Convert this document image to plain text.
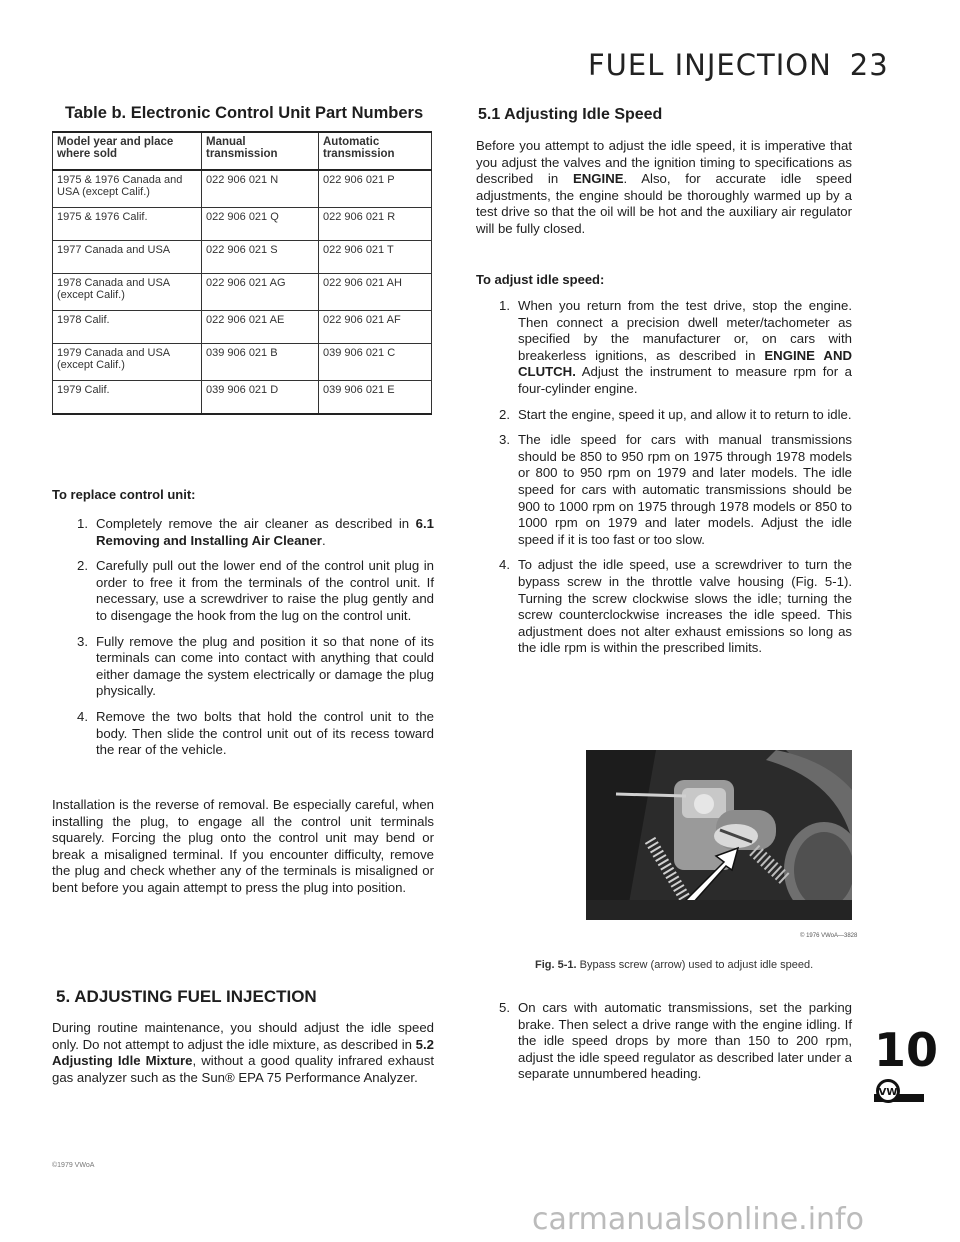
FUEL INJECTION 23
Table b. Electronic Control Unit Part Numbers
Model year and place where sold	Manual transmission	Automatic transmission
1975 & 1976 Canada and USA (except Calif.)	022 906 021 N	022 906 021 P
1975 & 1976 Calif.	022 906 021 Q	022 906 021 R
1977 Canada and USA	022 906 021 S	022 906 021 T
1978 Canada and USA (except Calif.)	022 906 021 AG	022 906 021 AH
1978 Calif.	022 906 021 AE	022 906 021 AF
1979 Canada and USA (except Calif.)	039 906 021 B	039 906 021 C
1979 Calif.	039 906 021 D	039 906 021 E
To replace control unit:
1. Completely remove the air cleaner as described in 6.1 Removing and Installing Air Cleaner.
2. Carefully pull out the lower end of the control unit plug in order to free it from the terminals of the control unit. If necessary, use a screwdriver to raise the plug gently and to disengage the hook from the lug on the control unit.
3. Fully remove the plug and position it so that none of its terminals can come into contact with anything that could either damage the system electrically or damage the plug physically.
4. Remove the two bolts that hold the control unit to the body. Then slide the control unit out of its recess toward the rear of the vehicle.
Installation is the reverse of removal. Be especially careful, when installing the plug, to engage all the control unit terminals squarely. Forcing the plug onto the control unit may bend or break a misaligned terminal. If you encounter difficulty, remove the plug and check whether any of the terminals is misaligned or bent before you again attempt to press the plug into position.
5. ADJUSTING FUEL INJECTION
During routine maintenance, you should adjust the idle speed only. Do not attempt to adjust the idle mixture, as described in 5.2 Adjusting Idle Mixture, without a good quality infrared exhaust gas analyzer such as the Sun® EPA 75 Performance Analyzer.
©1979 VWoA
5.1 Adjusting Idle Speed
Before you attempt to adjust the idle speed, it is imperative that you adjust the valves and the ignition timing to specifications as described in ENGINE. Also, for accurate idle speed adjustments, the engine should be thoroughly warmed up by a test drive so that the oil will be hot and the auxiliary air regulator will be fully closed.
To adjust idle speed:
1. When you return from the test drive, stop the engine. Then connect a precision dwell meter/tachometer as specified by the manufacturer or, on cars with breakerless ignitions, as described in ENGINE AND CLUTCH. Adjust the instrument to measure rpm for a four-cylinder engine.
2. Start the engine, speed it up, and allow it to return to idle.
3. The idle speed for cars with manual transmissions should be 850 to 950 rpm on 1975 through 1978 models or 800 to 950 rpm on 1979 and later models. The idle speed for cars with automatic transmissions should be 900 to 1000 rpm on 1975 through 1978 models or 850 to 1000 rpm on 1979 and later models. Adjust the idle speed if it is too fast or too slow.
4. To adjust the idle speed, use a screwdriver to turn the bypass screw in the throttle valve housing (Fig. 5-1). Turning the screw clockwise slows the idle; turning the screw counterclockwise increases the idle speed. This adjustment does not alter exhaust emissions so long as the idle rpm is within the prescribed limits.
© 1976 VWoA—3828
Fig. 5-1. Bypass screw (arrow) used to adjust idle speed.
5. On cars with automatic transmissions, set the parking brake. Then select a drive range with the engine idling. If the idle speed drops by more than 150 to 200 rpm, adjust the idle speed regulator as described later under a separate unnumbered heading.	10
VW
carmanualsonline.info
